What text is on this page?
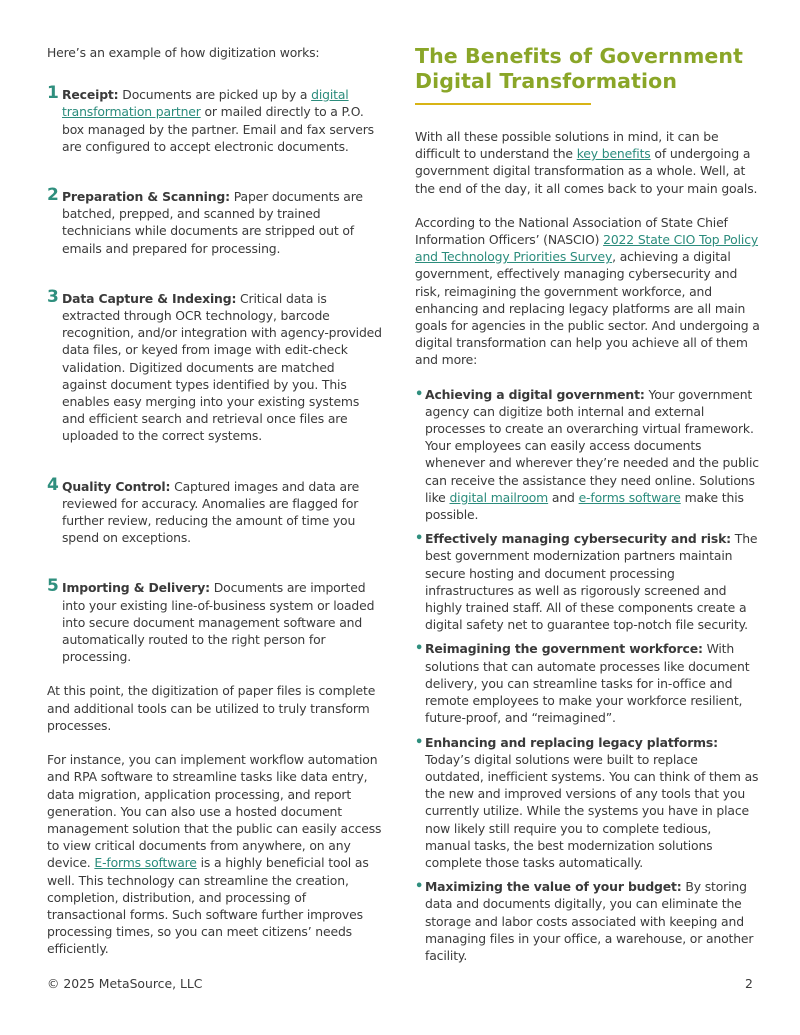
Here’s an example of how digitization works:

1 Receipt: Documents are picked up by a digital transformation partner or mailed directly to a P.O. box managed by the partner. Email and fax servers are configured to accept electronic documents.

2 Preparation & Scanning: Paper documents are batched, prepped, and scanned by trained technicians while documents are stripped out of emails and prepared for processing.

3 Data Capture & Indexing: Critical data is extracted through OCR technology, barcode recognition, and/or integration with agency-provided data files, or keyed from image with edit-check validation. Digitized documents are matched against document types identified by you. This enables easy merging into your existing systems and efficient search and retrieval once files are uploaded to the correct systems.

4 Quality Control: Captured images and data are reviewed for accuracy. Anomalies are flagged for further review, reducing the amount of time you spend on exceptions.

5 Importing & Delivery: Documents are imported into your existing line-of-business system or loaded into secure document management software and automatically routed to the right person for processing.

At this point, the digitization of paper files is complete and additional tools can be utilized to truly transform processes.

For instance, you can implement workflow automation and RPA software to streamline tasks like data entry, data migration, application processing, and report generation. You can also use a hosted document management solution that the public can easily access to view critical documents from anywhere, on any device. E-forms software is a highly beneficial tool as well. This technology can streamline the creation, completion, distribution, and processing of transactional forms. Such software further improves processing times, so you can meet citizens’ needs efficiently.

The Benefits of Government Digital Transformation

With all these possible solutions in mind, it can be difficult to understand the key benefits of undergoing a government digital transformation as a whole. Well, at the end of the day, it all comes back to your main goals.

According to the National Association of State Chief Information Officers’ (NASCIO) 2022 State CIO Top Policy and Technology Priorities Survey, achieving a digital government, effectively managing cybersecurity and risk, reimagining the government workforce, and enhancing and replacing legacy platforms are all main goals for agencies in the public sector. And undergoing a digital transformation can help you achieve all of them and more:

• Achieving a digital government: Your government agency can digitize both internal and external processes to create an overarching virtual framework. Your employees can easily access documents whenever and wherever they’re needed and the public can receive the assistance they need online. Solutions like digital mailroom and e-forms software make this possible.

• Effectively managing cybersecurity and risk: The best government modernization partners maintain secure hosting and document processing infrastructures as well as rigorously screened and highly trained staff. All of these components create a digital safety net to guarantee top-notch file security.

• Reimagining the government workforce: With solutions that can automate processes like document delivery, you can streamline tasks for in-office and remote employees to make your workforce resilient, future-proof, and “reimagined”.

• Enhancing and replacing legacy platforms: Today’s digital solutions were built to replace outdated, inefficient systems. You can think of them as the new and improved versions of any tools that you currently utilize. While the systems you have in place now likely still require you to complete tedious, manual tasks, the best modernization solutions complete those tasks automatically.

• Maximizing the value of your budget: By storing data and documents digitally, you can eliminate the storage and labor costs associated with keeping and managing files in your office, a warehouse, or another facility.

© 2025 MetaSource, LLC	2
